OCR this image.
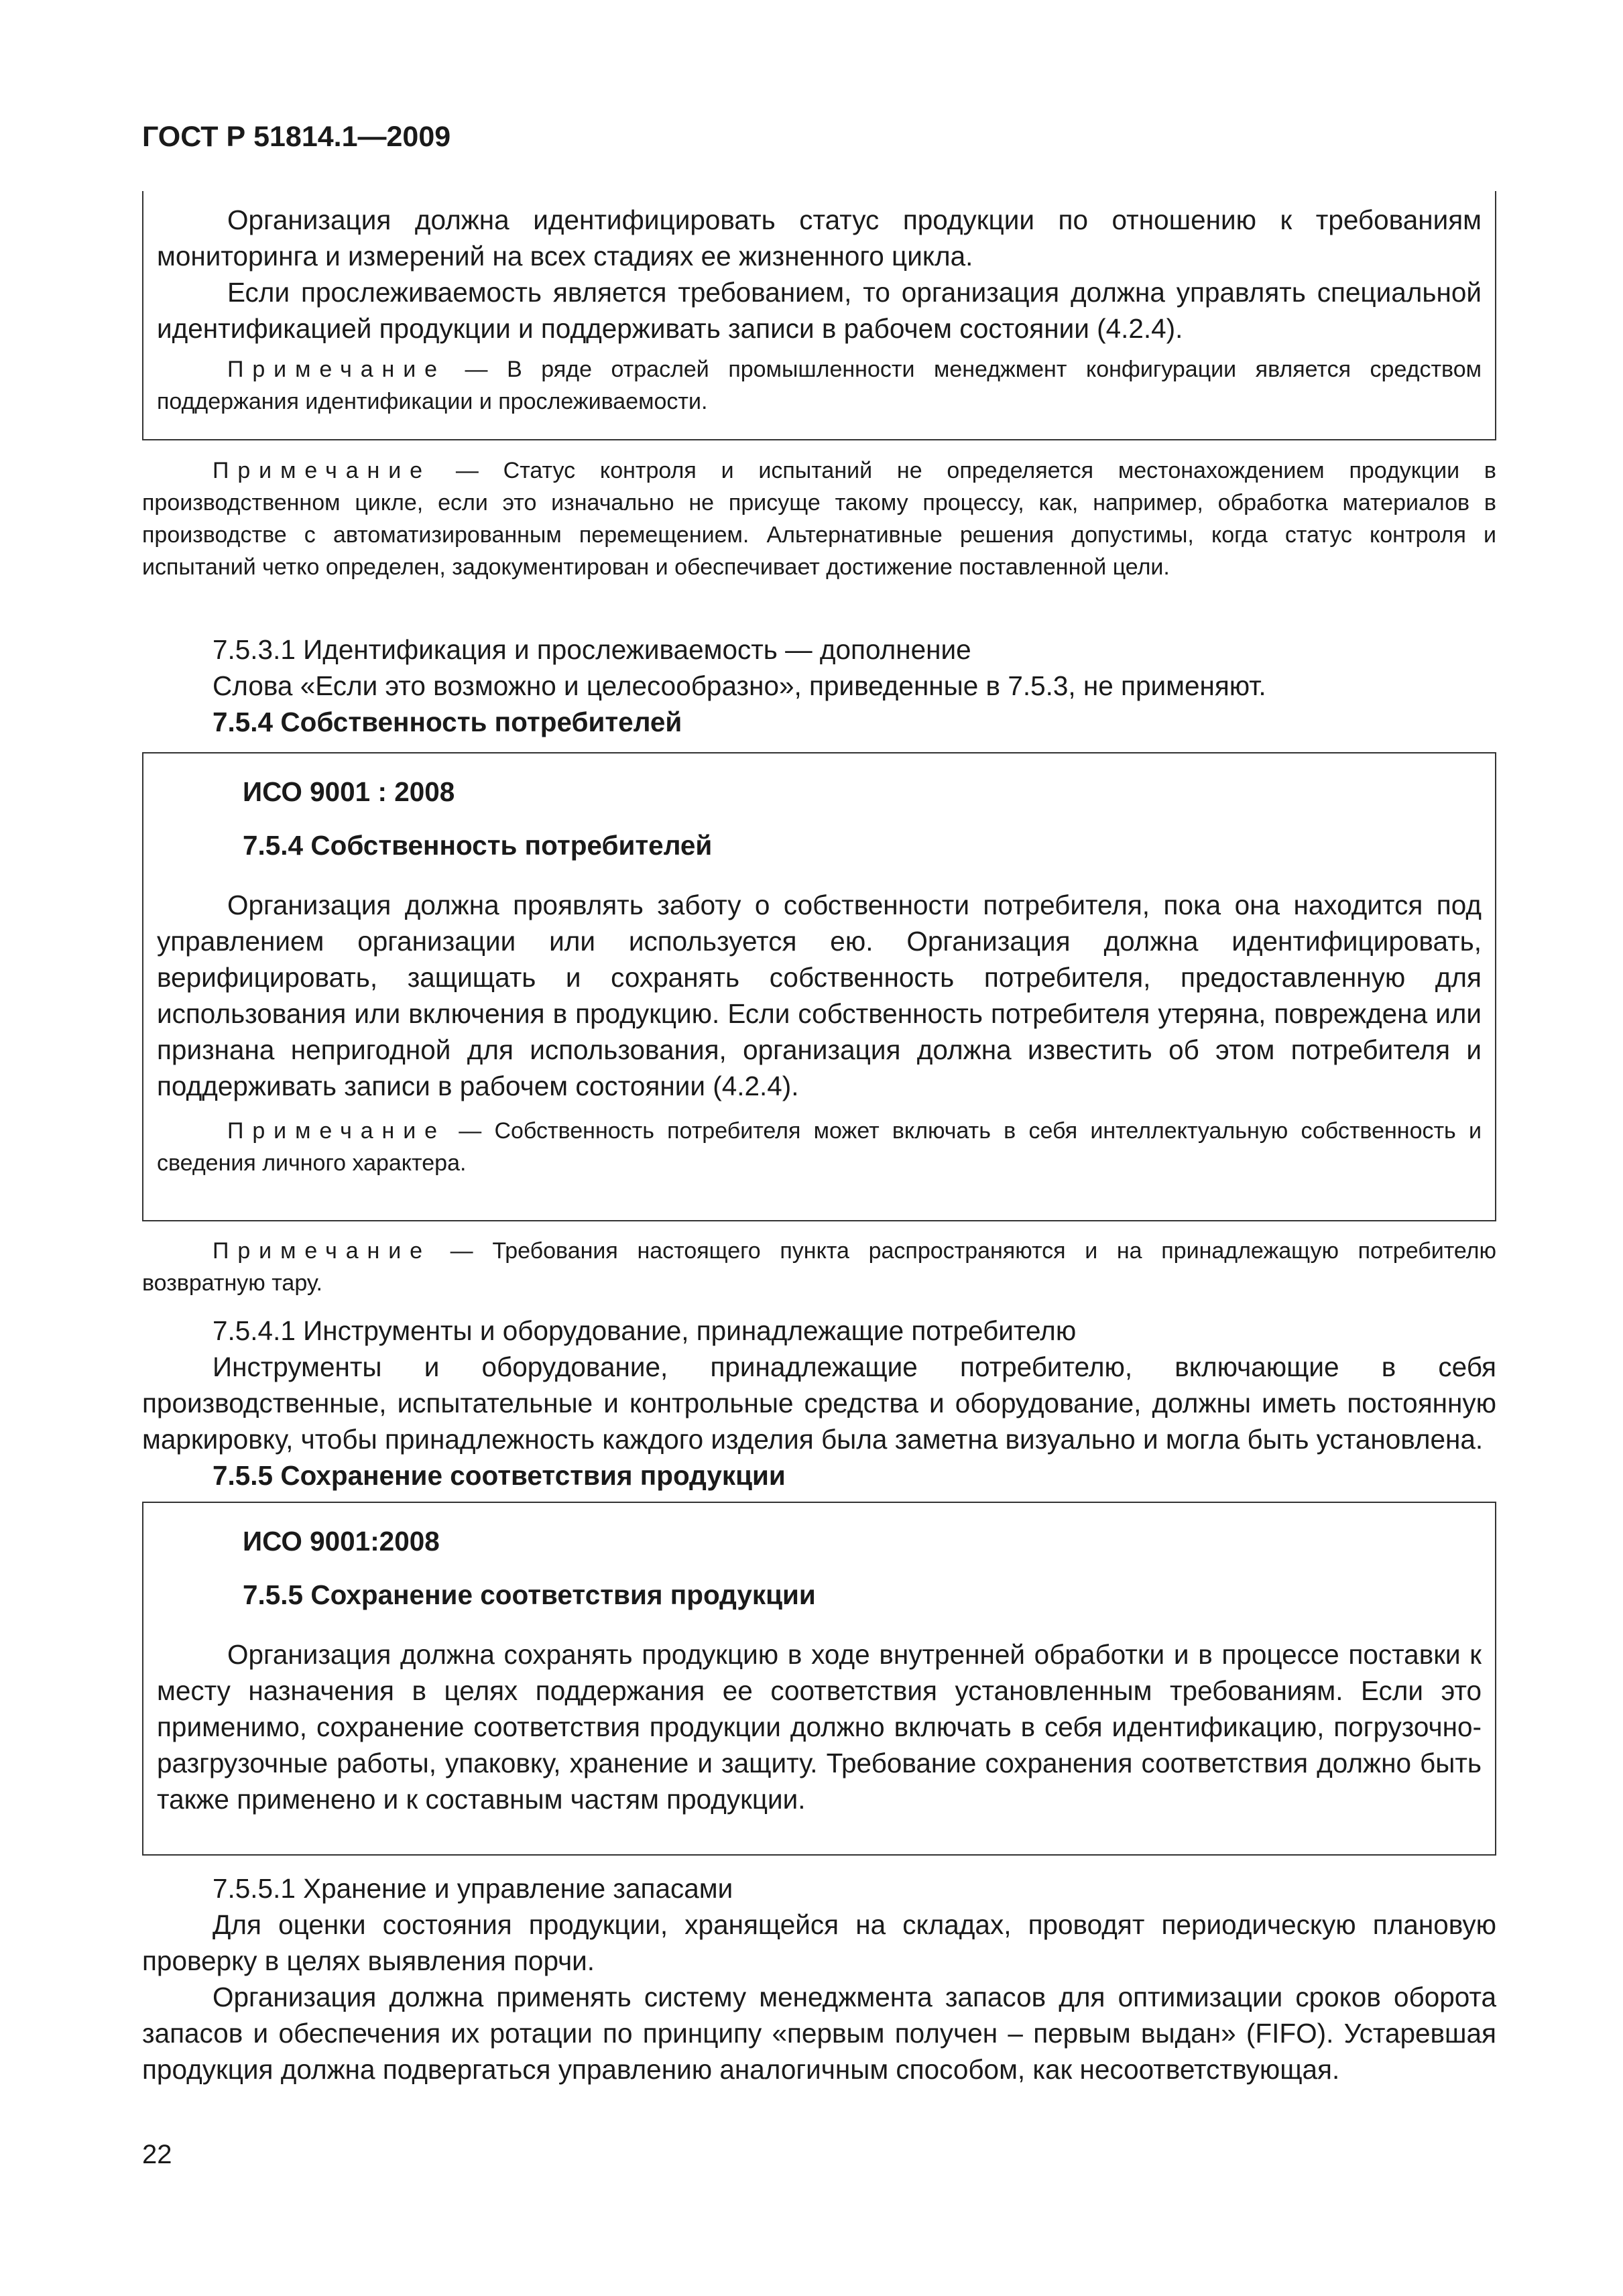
ГОСТ Р 51814.1—2009

Организация должна идентифицировать статус продукции по отношению к требованиям мониторинга и измерений на всех стадиях ее жизненного цикла.

Если прослеживаемость является требованием, то организация должна управлять специальной идентификацией продукции и поддерживать записи в рабочем состоянии (4.2.4).

Примечание — В ряде отраслей промышленности менеджмент конфигурации является средством поддержания идентификации и прослеживаемости.

Примечание — Статус контроля и испытаний не определяется местонахождением продукции в производственном цикле, если это изначально не присуще такому процессу, как, например, обработка материалов в производстве с автоматизированным перемещением. Альтернативные решения допустимы, когда статус контроля и испытаний четко определен, задокументирован и обеспечивает достижение поставленной цели.

7.5.3.1 Идентификация и прослеживаемость — дополнение

Слова «Если это возможно и целесообразно», приведенные в 7.5.3, не применяют.

7.5.4 Собственность потребителей

ИСО 9001 : 2008

7.5.4 Собственность потребителей

Организация должна проявлять заботу о собственности потребителя, пока она находится под управлением организации или используется ею. Организация должна идентифицировать, верифицировать, защищать и сохранять собственность потребителя, предоставленную для использования или включения в продукцию. Если собственность потребителя утеряна, повреждена или признана непригодной для использования, организация должна известить об этом потребителя и поддерживать записи в рабочем состоянии (4.2.4).

Примечание — Собственность потребителя может включать в себя интеллектуальную собственность и сведения личного характера.

Примечание — Требования настоящего пункта распространяются и на принадлежащую потребителю возвратную тару.

7.5.4.1 Инструменты и оборудование, принадлежащие потребителю

Инструменты и оборудование, принадлежащие потребителю, включающие в себя производственные, испытательные и контрольные средства и оборудование, должны иметь постоянную маркировку, чтобы принадлежность каждого изделия была заметна визуально и могла быть установлена.

7.5.5 Сохранение соответствия продукции

ИСО 9001:2008

7.5.5 Сохранение соответствия продукции

Организация должна сохранять продукцию в ходе внутренней обработки и в процессе поставки к месту назначения в целях поддержания ее соответствия установленным требованиям. Если это применимо, сохранение соответствия продукции должно включать в себя идентификацию, погрузочно-разгрузочные работы, упаковку, хранение и защиту. Требование сохранения соответствия должно быть также применено и к составным частям продукции.

7.5.5.1 Хранение и управление запасами

Для оценки состояния продукции, хранящейся на складах, проводят периодическую плановую проверку в целях выявления порчи.

Организация должна применять систему менеджмента запасов для оптимизации сроков оборота запасов и обеспечения их ротации по принципу «первым получен – первым выдан» (FIFO). Устаревшая продукция должна подвергаться управлению аналогичным способом, как несоответствующая.

22
